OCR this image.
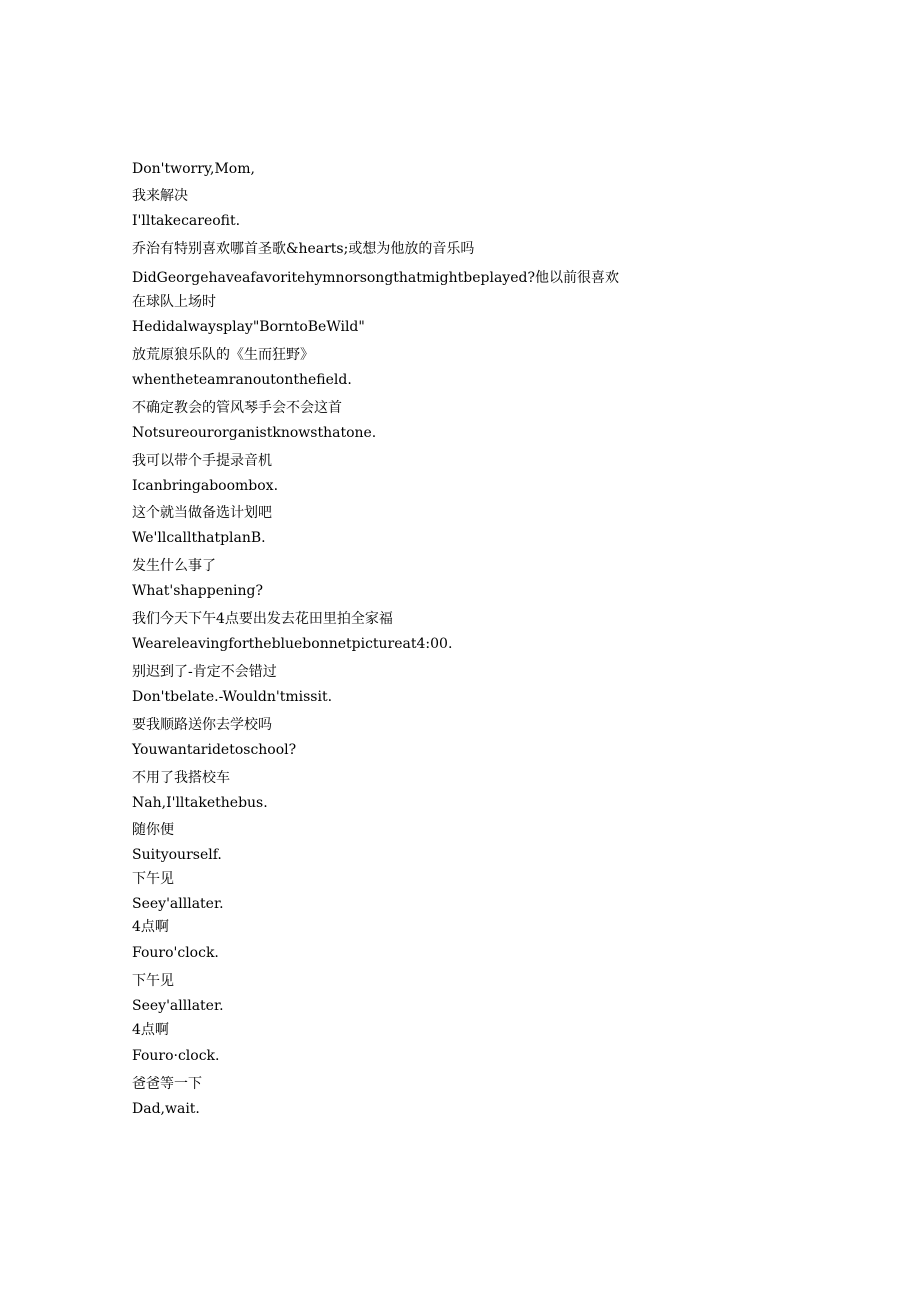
Don'tworry,Mom,
我来解决
I'lltakecareofit.
乔治有特别喜欢哪首圣歌&hearts;或想为他放的音乐吗
DidGeorgehaveafavoritehymnorsongthatmightbeplayed?他以前很喜欢
在球队上场时
Hedidalwaysplay"BorntoBeWild"
放荒原狼乐队的《生而狂野》
whentheteamranoutonthefield.
不确定教会的管风琴手会不会这首
Notsureourorganistknowsthatone.
我可以带个手提录音机
Icanbringaboombox.
这个就当做备选计划吧
We'llcallthatplanB.
发生什么事了
What'shappening?
我们今天下午4点要出发去花田里拍全家福
Weareleavingforthebluebonnetpictureat4:00.
别迟到了-肯定不会错过
Don'tbelate.-Wouldn'tmissit.
要我顺路送你去学校吗
Youwantaridetoschool?
不用了我搭校车
Nah,I'lltakethebus.
随你便
Suityourself.
下午见
Seey'alllater.
4点啊
Fouro'clock.
下午见
Seey'alllater.
4点啊
Fouro·clock.
爸爸等一下
Dad,wait.
